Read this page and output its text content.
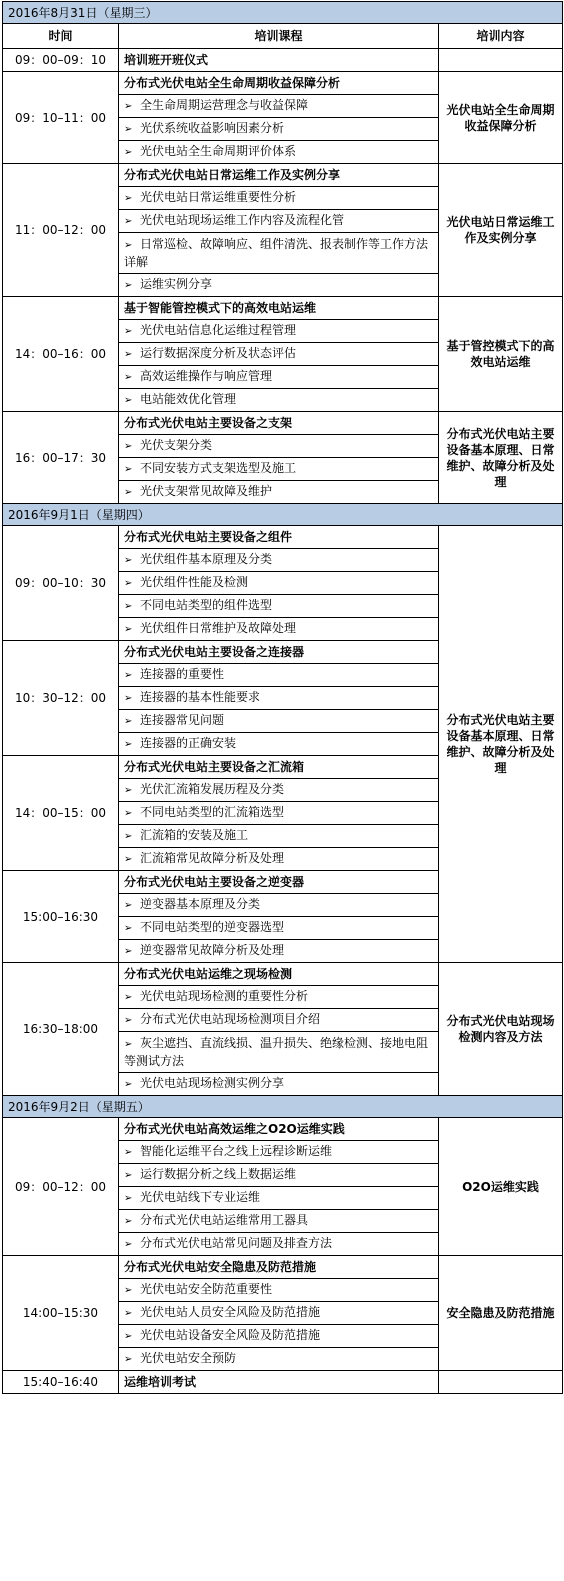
2016年8月31日（星期三）		
时间	培训课程	培训内容
09：00–09：10	培训班开班仪式	
09：10–11：00	分布式光伏电站全生命周期收益保障分析	光伏电站全生命周期收益保障分析
	➢ 全生命周期运营理念与收益保障	
	➢ 光伏系统收益影响因素分析	
	➢ 光伏电站全生命周期评价体系	
11：00–12：00	分布式光伏电站日常运维工作及实例分享	光伏电站日常运维工作及实例分享
	➢ 光伏电站日常运维重要性分析	
	➢ 光伏电站现场运维工作内容及流程化管	
	➢ 日常巡检、故障响应、组件清洗、报表制作等工作方法详解	
	➢ 运维实例分享	
14：00–16：00	基于智能管控模式下的高效电站运维	基于管控模式下的高效电站运维
	➢ 光伏电站信息化运维过程管理	
	➢ 运行数据深度分析及状态评估	
	➢ 高效运维操作与响应管理	
	➢ 电站能效优化管理	
16：00–17：30	分布式光伏电站主要设备之支架	分布式光伏电站主要设备基本原理、日常维护、故障分析及处理
	➢ 光伏支架分类	
	➢ 不同安装方式支架选型及施工	
	➢ 光伏支架常见故障及维护	
2016年9月1日（星期四）		
09：00–10：30	分布式光伏电站主要设备之组件	分布式光伏电站主要设备基本原理、日常维护、故障分析及处理
	➢ 光伏组件基本原理及分类	
	➢ 光伏组件性能及检测	
	➢ 不同电站类型的组件选型	
	➢ 光伏组件日常维护及故障处理	
10：30–12：00	分布式光伏电站主要设备之连接器	
	➢ 连接器的重要性	
	➢ 连接器的基本性能要求	
	➢ 连接器常见问题	
	➢ 连接器的正确安装	
14：00–15：00	分布式光伏电站主要设备之汇流箱	
	➢ 光伏汇流箱发展历程及分类	
	➢ 不同电站类型的汇流箱选型	
	➢ 汇流箱的安装及施工	
	➢ 汇流箱常见故障分析及处理	
15:00–16:30	分布式光伏电站主要设备之逆变器	
	➢ 逆变器基本原理及分类	
	➢ 不同电站类型的逆变器选型	
	➢ 逆变器常见故障分析及处理	
16:30–18:00	分布式光伏电站运维之现场检测	分布式光伏电站现场检测内容及方法
	➢ 光伏电站现场检测的重要性分析	
	➢ 分布式光伏电站现场检测项目介绍	
	➢ 灰尘遮挡、直流线损、温升损失、绝缘检测、接地电阻等测试方法	
	➢ 光伏电站现场检测实例分享	
2016年9月2日（星期五）		
09：00–12：00	分布式光伏电站高效运维之O2O运维实践	O2O运维实践
	➢ 智能化运维平台之线上远程诊断运维	
	➢ 运行数据分析之线上数据运维	
	➢ 光伏电站线下专业运维	
	➢ 分布式光伏电站运维常用工器具	
	➢ 分布式光伏电站常见问题及排查方法	
14:00–15:30	分布式光伏电站安全隐患及防范措施	安全隐患及防范措施
	➢ 光伏电站安全防范重要性	
	➢ 光伏电站人员安全风险及防范措施	
	➢ 光伏电站设备安全风险及防范措施	
	➢ 光伏电站安全预防	
15:40–16:40	运维培训考试	
